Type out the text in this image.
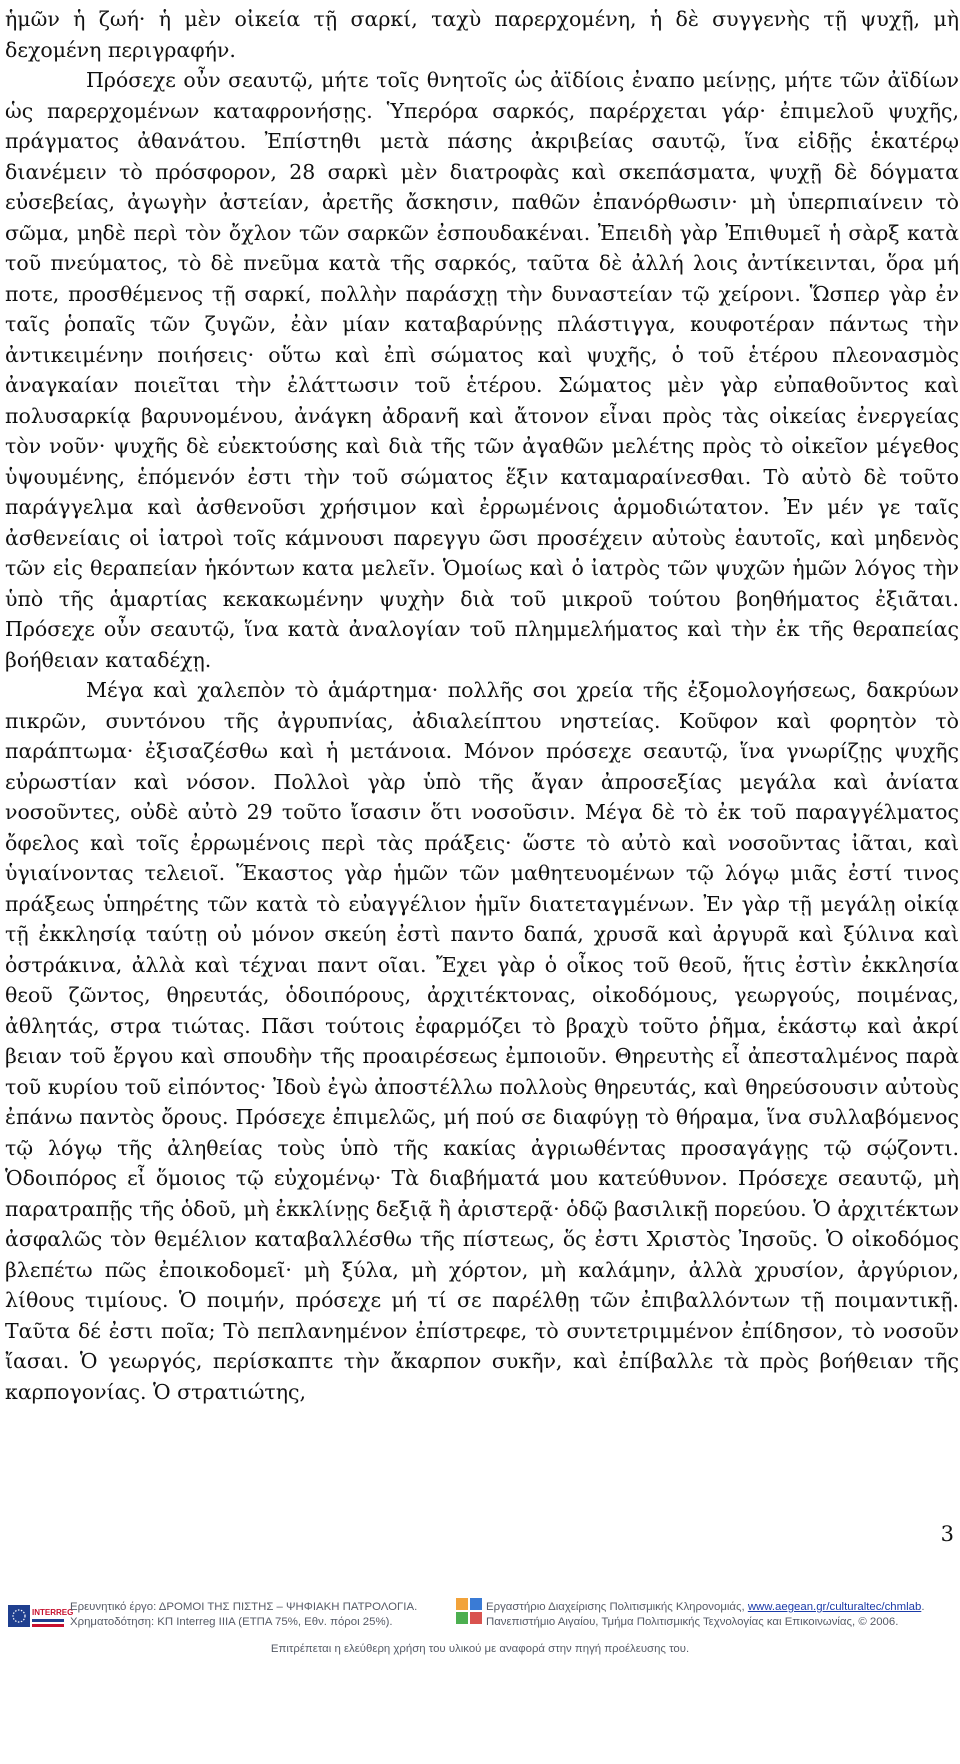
ἡμῶν ἡ ζωή· ἡ μὲν οἰκεία τῇ σαρκί, ταχὺ παρερχομένη, ἡ δὲ συγγενὴς τῇ ψυχῇ, μὴ δεχομένη περιγραφήν.

Πρόσεχε οὖν σεαυτῷ, μήτε τοῖς θνητοῖς ὡς ἀϊδίοις ἐναπο μείνῃς, μήτε τῶν ἀϊδίων ὡς παρερχομένων καταφρονήσῃς. Ὑπερόρα σαρκός, παρέρχεται γάρ· ἐπιμελοῦ ψυχῆς, πράγματος ἀθανάτου. Ἐπίστηθι μετὰ πάσης ἀκριβείας σαυτῷ, ἵνα εἰδῇς ἑκατέρῳ διανέμειν τὸ πρόσφορον, 28 σαρκὶ μὲν διατροφὰς καὶ σκεπάσματα, ψυχῇ δὲ δόγματα εὐσεβείας, ἀγωγὴν ἀστείαν, ἀρετῆς ἄσκησιν, παθῶν ἐπανόρθωσιν· μὴ ὑπερπιαίνειν τὸ σῶμα, μηδὲ περὶ τὸν ὄχλον τῶν σαρκῶν ἐσπουδακέναι. Ἐπειδὴ γὰρ Ἐπιθυμεῖ ἡ σὰρξ κατὰ τοῦ πνεύματος, τὸ δὲ πνεῦμα κατὰ τῆς σαρκός, ταῦτα δὲ ἀλλή λοις ἀντίκεινται, ὅρα μή ποτε, προσθέμενος τῇ σαρκί, πολλὴν παράσχῃ τὴν δυναστείαν τῷ χείρονι. Ὥσπερ γὰρ ἐν ταῖς ῥοπαῖς τῶν ζυγῶν, ἐὰν μίαν καταβαρύνῃς πλάστιγγα, κουφοτέραν πάντως τὴν ἀντικειμένην ποιήσεις· οὕτω καὶ ἐπὶ σώματος καὶ ψυχῆς, ὁ τοῦ ἑτέρου πλεονασμὸς ἀναγκαίαν ποιεῖται τὴν ἐλάττωσιν τοῦ ἑτέρου. Σώματος μὲν γὰρ εὐπαθοῦντος καὶ πολυσαρκίᾳ βαρυνομένου, ἀνάγκη ἀδρανῆ καὶ ἄτονον εἶναι πρὸς τὰς οἰκείας ἐνεργείας τὸν νοῦν· ψυχῆς δὲ εὐεκτούσης καὶ διὰ τῆς τῶν ἀγαθῶν μελέτης πρὸς τὸ οἰκεῖον μέγεθος ὑψουμένης, ἑπόμενόν ἐστι τὴν τοῦ σώματος ἕξιν καταμαραίνεσθαι. Τὸ αὐτὸ δὲ τοῦτο παράγγελμα καὶ ἀσθενοῦσι χρήσιμον καὶ ἐρρωμένοις ἁρμοδιώτατον. Ἐν μέν γε ταῖς ἀσθενείαις οἱ ἰατροὶ τοῖς κάμνουσι παρεγγυ ῶσι προσέχειν αὐτοὺς ἑαυτοῖς, καὶ μηδενὸς τῶν εἰς θεραπείαν ἡκόντων κατα μελεῖν. Ὁμοίως καὶ ὁ ἰατρὸς τῶν ψυχῶν ἡμῶν λόγος τὴν ὑπὸ τῆς ἁμαρτίας κεκακωμένην ψυχὴν διὰ τοῦ μικροῦ τούτου βοηθήματος ἐξιᾶται. Πρόσεχε οὖν σεαυτῷ, ἵνα κατὰ ἀναλογίαν τοῦ πλημμελήματος καὶ τὴν ἐκ τῆς θεραπείας βοήθειαν καταδέχῃ.

Μέγα καὶ χαλεπὸν τὸ ἁμάρτημα· πολλῆς σοι χρεία τῆς ἐξομολογήσεως, δακρύων πικρῶν, συντόνου τῆς ἀγρυπνίας, ἀδιαλείπτου νηστείας. Κοῦφον καὶ φορητὸν τὸ παράπτωμα· ἐξισαζέσθω καὶ ἡ μετάνοια. Μόνον πρόσεχε σεαυτῷ, ἵνα γνωρίζῃς ψυχῆς εὐρωστίαν καὶ νόσον. Πολλοὶ γὰρ ὑπὸ τῆς ἄγαν ἀπροσεξίας μεγάλα καὶ ἀνίατα νοσοῦντες, οὐδὲ αὐτὸ 29 τοῦτο ἴσασιν ὅτι νοσοῦσιν. Μέγα δὲ τὸ ἐκ τοῦ παραγγέλματος ὄφελος καὶ τοῖς ἐρρωμένοις περὶ τὰς πράξεις· ὥστε τὸ αὐτὸ καὶ νοσοῦντας ἰᾶται, καὶ ὑγιαίνοντας τελειοῖ. Ἕκαστος γὰρ ἡμῶν τῶν μαθητευομένων τῷ λόγῳ μιᾶς ἐστί τινος πράξεως ὑπηρέτης τῶν κατὰ τὸ εὐαγγέλιον ἡμῖν διατεταγμένων. Ἐν γὰρ τῇ μεγάλῃ οἰκίᾳ τῇ ἐκκλησίᾳ ταύτῃ οὐ μόνον σκεύη ἐστὶ παντο δαπά, χρυσᾶ καὶ ἀργυρᾶ καὶ ξύλινα καὶ ὀστράκινα, ἀλλὰ καὶ τέχναι παντ οῖαι. Ἔχει γὰρ ὁ οἶκος τοῦ θεοῦ, ἥτις ἐστὶν ἐκκλησία θεοῦ ζῶντος, θηρευτάς, ὁδοιπόρους, ἀρχιτέκτονας, οἰκοδόμους, γεωργούς, ποιμένας, ἀθλητάς, στρα τιώτας. Πᾶσι τούτοις ἐφαρμόζει τὸ βραχὺ τοῦτο ῥῆμα, ἑκάστῳ καὶ ἀκρί βειαν τοῦ ἔργου καὶ σπουδὴν τῆς προαιρέσεως ἐμποιοῦν. Θηρευτὴς εἶ ἀπεσταλμένος παρὰ τοῦ κυρίου τοῦ εἰπόντος· Ἰδοὺ ἐγὼ ἀποστέλλω πολλοὺς θηρευτάς, καὶ θηρεύσουσιν αὐτοὺς ἐπάνω παντὸς ὄρους. Πρόσεχε ἐπιμελῶς, μή πού σε διαφύγῃ τὸ θήραμα, ἵνα συλλαβόμενος τῷ λόγῳ τῆς ἀληθείας τοὺς ὑπὸ τῆς κακίας ἀγριωθέντας προσαγάγῃς τῷ σῴζοντι. Ὁδοιπόρος εἶ ὅμοιος τῷ εὐχομένῳ· Τὰ διαβήματά μου κατεύθυνον. Πρόσεχε σεαυτῷ, μὴ παρατραπῇς τῆς ὁδοῦ, μὴ ἐκκλίνῃς δεξιᾷ ἢ ἀριστερᾷ· ὁδῷ βασιλικῇ πορεύου. Ὁ ἀρχιτέκτων ἀσφαλῶς τὸν θεμέλιον καταβαλλέσθω τῆς πίστεως, ὅς ἐστι Χριστὸς Ἰησοῦς. Ὁ οἰκοδόμος βλεπέτω πῶς ἐποικοδομεῖ· μὴ ξύλα, μὴ χόρτον, μὴ καλάμην, ἀλλὰ χρυσίον, ἀργύριον, λίθους τιμίους. Ὁ ποιμήν, πρόσεχε μή τί σε παρέλθῃ τῶν ἐπιβαλλόντων τῇ ποιμαντικῇ. Ταῦτα δέ ἐστι ποῖα; Τὸ πεπλανημένον ἐπίστρεφε, τὸ συντετριμμένον ἐπίδησον, τὸ νοσοῦν ἴασαι. Ὁ γεωργός, περίσκαπτε τὴν ἄκαρπον συκῆν, καὶ ἐπίβαλλε τὰ πρὸς βοήθειαν τῆς καρπογονίας. Ὁ στρατιώτης,

3
INTERREG
Ερευνητικό έργο: ΔΡΟΜΟΙ ΤΗΣ ΠΙΣΤΗΣ – ΨΗΦΙΑΚΗ ΠΑΤΡΟΛΟΓΙΑ.
Χρηματοδότηση: ΚΠ Interreg IIIA (ΕΤΠΑ 75%, Εθν. πόροι 25%).
Εργαστήριο Διαχείρισης Πολιτισμικής Κληρονομιάς, www.aegean.gr/culturaltec/chmlab.
Πανεπιστήμιο Αιγαίου, Τμήμα Πολιτισμικής Τεχνολογίας και Επικοινωνίας, © 2006.
Επιτρέπεται η ελεύθερη χρήση του υλικού με αναφορά στην πηγή προέλευσης του.
